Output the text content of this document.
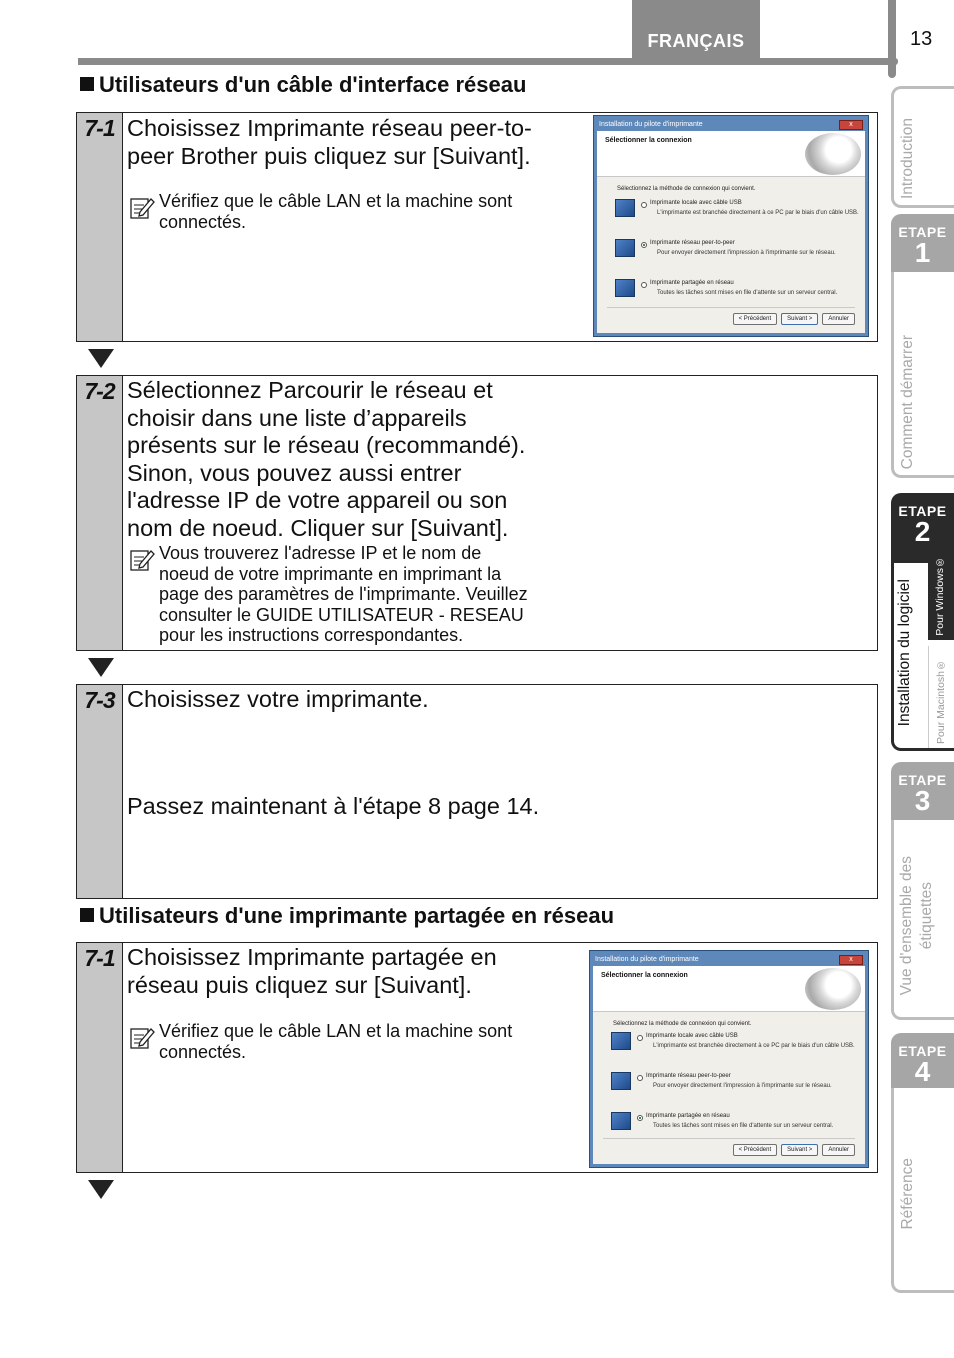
FRANÇAIS	13
Utilisateurs d'un câble d'interface réseau
7-1 Choisissez Imprimante réseau peer-to-
peer Brother puis cliquez sur [Suivant].
Vérifiez que le câble LAN et la machine sont
connectés.
Installation du pilote d'imprimante	x
Sélectionner la connexion
Sélectionnez la méthode de connexion qui convient.
Imprimante locale avec câble USB
L'imprimante est branchée directement à ce PC par le biais d'un câble USB.
Imprimante réseau peer-to-peer
Pour envoyer directement l'impression à l'imprimante sur le réseau.
Imprimante partagée en réseau
Toutes les tâches sont mises en file d'attente sur un serveur central.
< Précédent	Suivant >	Annuler
7-2 Sélectionnez Parcourir le réseau et
choisir dans une liste d’appareils
présents sur le réseau (recommandé).
Sinon, vous pouvez aussi entrer
l'adresse IP de votre appareil ou son
nom de noeud. Cliquer sur [Suivant].
Vous trouverez l'adresse IP et le nom de
noeud de votre imprimante en imprimant la
page des paramètres de l'imprimante. Veuillez
consulter le GUIDE UTILISATEUR - RESEAU
pour les instructions correspondantes.
7-3 Choisissez votre imprimante.
Passez maintenant à l'étape 8 page 14.
Utilisateurs d'une imprimante partagée en réseau
7-1 Choisissez Imprimante partagée en
réseau puis cliquez sur [Suivant].
Vérifiez que le câble LAN et la machine sont
connectés.
Installation du pilote d'imprimante	x
Sélectionner la connexion
Sélectionnez la méthode de connexion qui convient.
Imprimante locale avec câble USB
L'imprimante est branchée directement à ce PC par le biais d'un câble USB.
Imprimante réseau peer-to-peer
Pour envoyer directement l'impression à l'imprimante sur le réseau.
Imprimante partagée en réseau
Toutes les tâches sont mises en file d'attente sur un serveur central.
< Précédent	Suivant >	Annuler
Introduction
ETAPE
1
Comment démarrer
ETAPE
2
Installation du logiciel Pour Windows®
Pour Macintosh®
ETAPE
3
Vue d'ensemble des étiquettes
ETAPE
4
Référence
